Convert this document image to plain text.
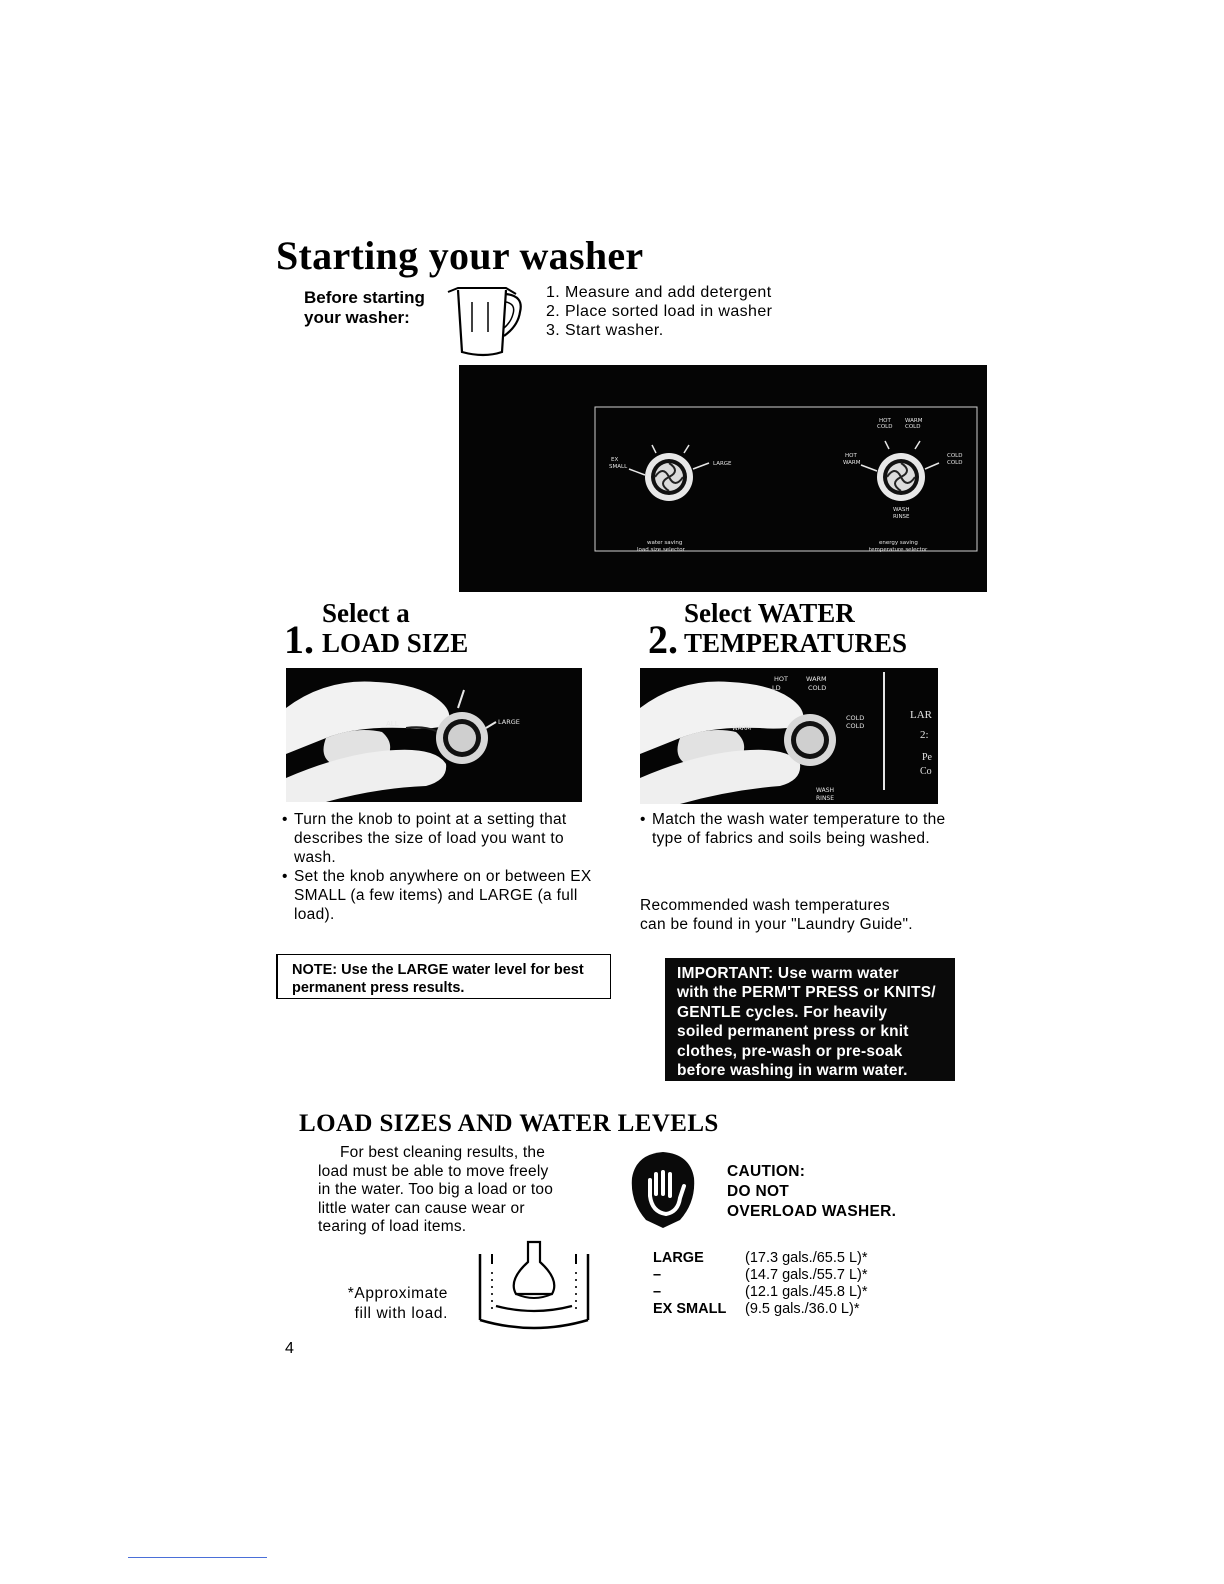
Starting your washer
Before starting
your washer:
1. Measure and add detergent
2. Place sorted load in washer
3. Start washer.
EX
SMALL	LARGE
water saving
load size selector
HOT
COLD
WARM
COLD
HOT
WARM
COLD
COLD
WASH
RINSE
energy saving
temperature selector
Select a
1. LOAD SIZE
ALL	LARGE
• Turn the knob to point at a setting that describes the size of load you want to wash.
• Set the knob anywhere on or between EX SMALL (a few items) and LARGE (a full load).
NOTE: Use the LARGE water level for best permanent press results.
Select WATER
2. TEMPERATURES
HOT
LD
WARM
COLD
WARM
COLD
COLD
WASH
RINSE
LAR
2:
Pe
Co
• Match the wash water temperature to the type of fabrics and soils being washed.
Recommended wash temperatures
can be found in your "Laundry Guide".
IMPORTANT: Use warm water
with the PERM'T PRESS or KNITS/
GENTLE cycles. For heavily
soiled permanent press or knit
clothes, pre-wash or pre-soak
before washing in warm water.
LOAD SIZES AND WATER LEVELS
For best cleaning results, the
load must be able to move freely
in the water. Too big a load or too
little water can cause wear or
tearing of load items.
*Approximate
fill with load.
CAUTION:
DO NOT
OVERLOAD WASHER.
LARGE	(17.3 gals./65.5 L)*
–	(14.7 gals./55.7 L)*
–	(12.1 gals./45.8 L)*
EX SMALL	(9.5 gals./36.0 L)*
4
